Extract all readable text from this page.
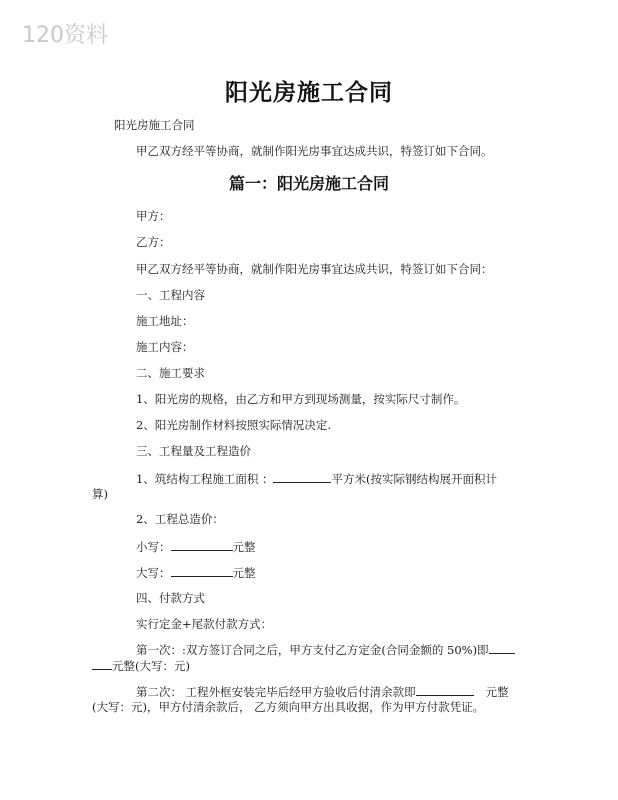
120资料
阳光房施工合同
阳光房施工合同
甲乙双方经平等协商，就制作阳光房事宜达成共识，特签订如下合同。
篇一：阳光房施工合同
甲方：
乙方：
甲乙双方经平等协商，就制作阳光房事宜达成共识，特签订如下合同：
一、工程内容
施工地址：
施工内容：
二、施工要求
1、阳光房的规格，由乙方和甲方到现场测量，按实际尺寸制作。
2、阳光房制作材料按照实际情况决定.
三、工程量及工程造价
1、筑结构工程施工面积 ：	平方米(按实际钢结构展开面积计
算)
2、工程总造价：
小写：	元整
大写：	元整
四、付款方式
实行定金+尾款付款方式：
第一次：:双方签订合同之后，甲方支付乙方定金(合同金额的 50%)即
元整(大写：元)
第二次： 工程外框安装完毕后经甲方验收后付清余款即	元整
(大写：元)，甲方付清余款后， 乙方须向甲方出具收据，作为甲方付款凭证。
